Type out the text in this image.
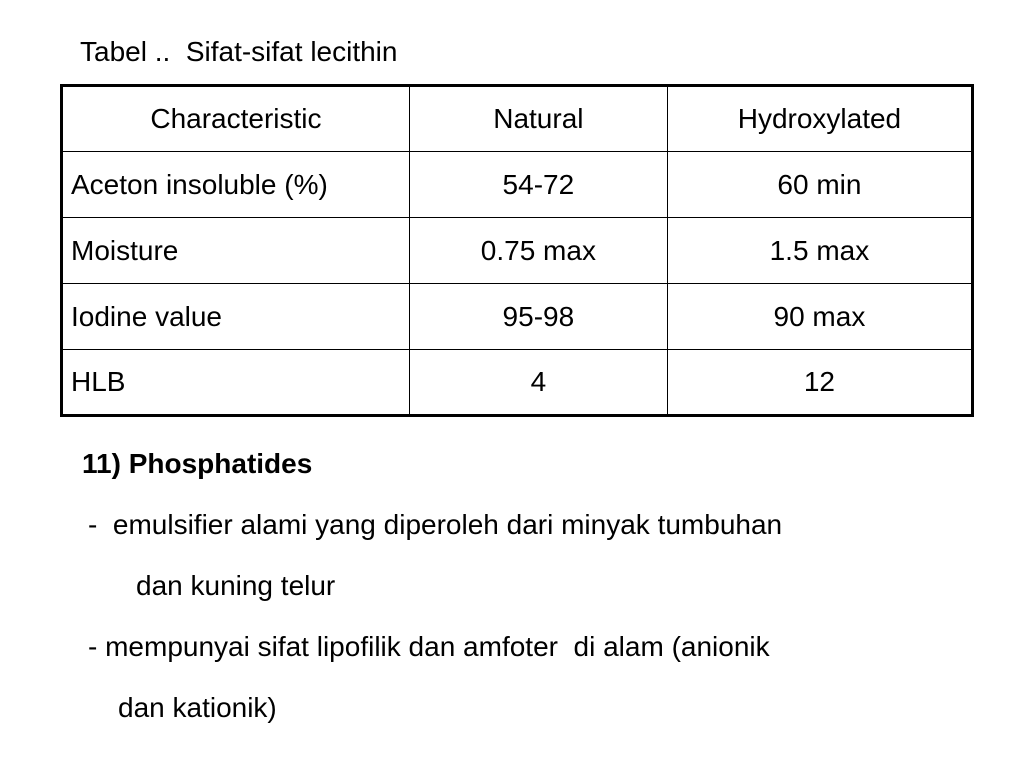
Tabel ..  Sifat-sifat lecithin
Characteristic	Natural	Hydroxylated
Aceton insoluble (%)	54-72	60 min
Moisture	0.75 max	1.5 max
Iodine value	95-98	90 max
HLB	4	12
11) Phosphatides
-  emulsifier alami yang diperoleh dari minyak tumbuhan
dan kuning telur
- mempunyai sifat lipofilik dan amfoter  di alam (anionik
dan kationik)
